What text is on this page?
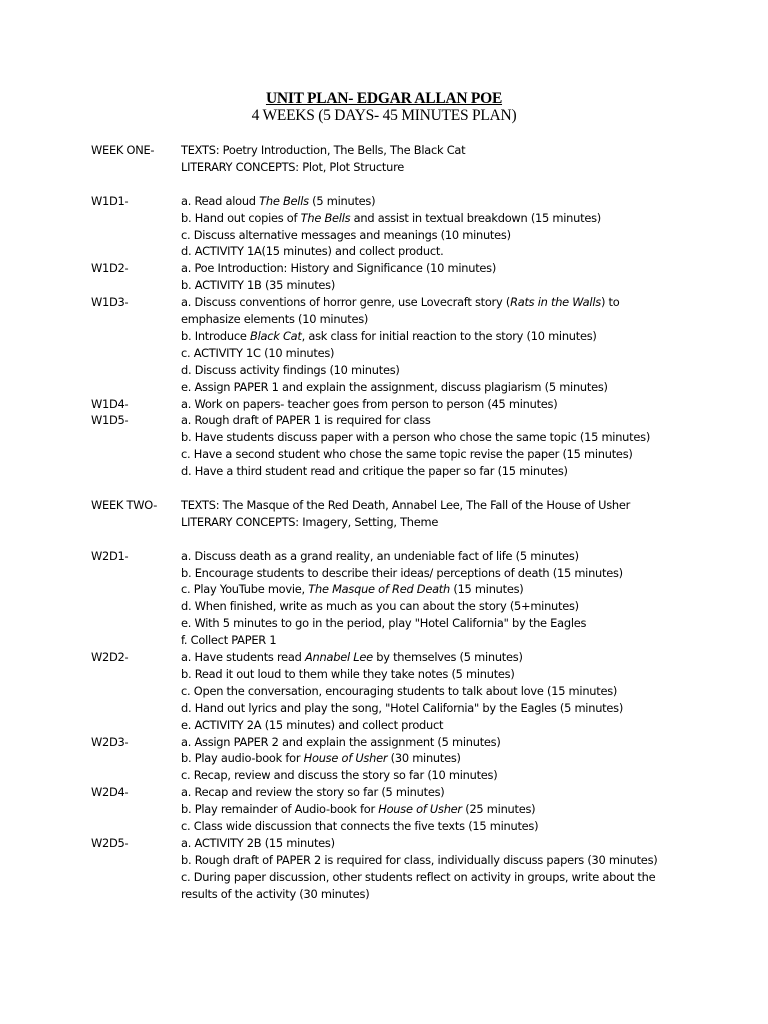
UNIT PLAN- EDGAR ALLAN POE
4 WEEKS (5 DAYS- 45 MINUTES PLAN)
WEEK ONE- TEXTS: Poetry Introduction, The Bells, The Black Cat
LITERARY CONCEPTS: Plot, Plot Structure
W1D1-	a. Read aloud The Bells (5 minutes)
b. Hand out copies of The Bells and assist in textual breakdown (15 minutes)
c. Discuss alternative messages and meanings (10 minutes)
d. ACTIVITY 1A(15 minutes) and collect product.
W1D2-	a. Poe Introduction: History and Significance (10 minutes)
b. ACTIVITY 1B (35 minutes)
W1D3-	a. Discuss conventions of horror genre, use Lovecraft story (Rats in the Walls) to
emphasize elements (10 minutes)
b. Introduce Black Cat, ask class for initial reaction to the story (10 minutes)
c. ACTIVITY 1C (10 minutes)
d. Discuss activity findings (10 minutes)
e. Assign PAPER 1 and explain the assignment, discuss plagiarism (5 minutes)
W1D4-	a. Work on papers- teacher goes from person to person (45 minutes)
W1D5-	a. Rough draft of PAPER 1 is required for class
b. Have students discuss paper with a person who chose the same topic (15 minutes)
c. Have a second student who chose the same topic revise the paper (15 minutes)
d. Have a third student read and critique the paper so far (15 minutes)
WEEK TWO- TEXTS: The Masque of the Red Death, Annabel Lee, The Fall of the House of Usher
LITERARY CONCEPTS: Imagery, Setting, Theme
W2D1-	a. Discuss death as a grand reality, an undeniable fact of life (5 minutes)
b. Encourage students to describe their ideas/ perceptions of death (15 minutes)
c. Play YouTube movie, The Masque of Red Death (15 minutes)
d. When finished, write as much as you can about the story (5+minutes)
e. With 5 minutes to go in the period, play "Hotel California" by the Eagles
f. Collect PAPER 1
W2D2-	a. Have students read Annabel Lee by themselves (5 minutes)
b. Read it out loud to them while they take notes (5 minutes)
c. Open the conversation, encouraging students to talk about love (15 minutes)
d. Hand out lyrics and play the song, "Hotel California" by the Eagles (5 minutes)
e. ACTIVITY 2A (15 minutes) and collect product
W2D3-	a. Assign PAPER 2 and explain the assignment (5 minutes)
b. Play audio-book for House of Usher (30 minutes)
c. Recap, review and discuss the story so far (10 minutes)
W2D4-	a. Recap and review the story so far (5 minutes)
b. Play remainder of Audio-book for House of Usher (25 minutes)
c. Class wide discussion that connects the five texts (15 minutes)
W2D5-	a. ACTIVITY 2B (15 minutes)
b. Rough draft of PAPER 2 is required for class, individually discuss papers (30 minutes)
c. During paper discussion, other students reflect on activity in groups, write about the
results of the activity (30 minutes)
